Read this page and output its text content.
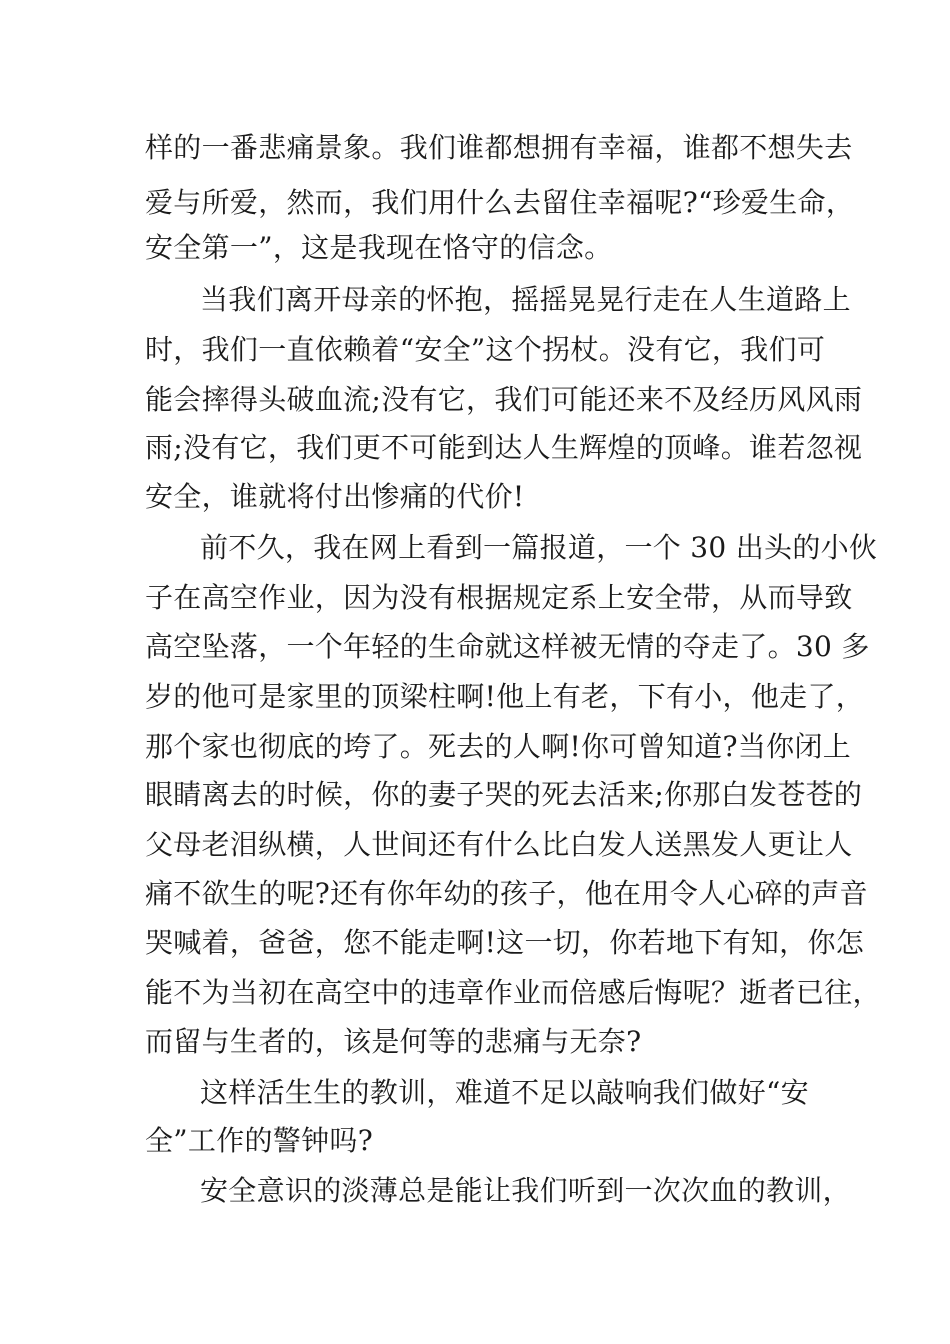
样的一番悲痛景象。我们谁都想拥有幸福，谁都不想失去
爱与所爱，然而，我们用什么去留住幸福呢?“珍爱生命，
安全第一”，这是我现在恪守的信念。
当我们离开母亲的怀抱，摇摇晃晃行走在人生道路上
时，我们一直依赖着“安全”这个拐杖。没有它，我们可
能会摔得头破血流;没有它，我们可能还来不及经历风风雨
雨;没有它，我们更不可能到达人生辉煌的顶峰。谁若忽视
安全，谁就将付出惨痛的代价!
前不久，我在网上看到一篇报道，一个 30 出头的小伙
子在高空作业，因为没有根据规定系上安全带，从而导致
高空坠落，一个年轻的生命就这样被无情的夺走了。30 多
岁的他可是家里的顶梁柱啊!他上有老，下有小，他走了，
那个家也彻底的垮了。死去的人啊!你可曾知道?当你闭上
眼睛离去的时候，你的妻子哭的死去活来;你那白发苍苍的
父母老泪纵横，人世间还有什么比白发人送黑发人更让人
痛不欲生的呢?还有你年幼的孩子，他在用令人心碎的声音
哭喊着，爸爸，您不能走啊!这一切，你若地下有知，你怎
能不为当初在高空中的违章作业而倍感后悔呢？逝者已往，
而留与生者的，该是何等的悲痛与无奈?
这样活生生的教训，难道不足以敲响我们做好“安
全”工作的警钟吗?
安全意识的淡薄总是能让我们听到一次次血的教训，
